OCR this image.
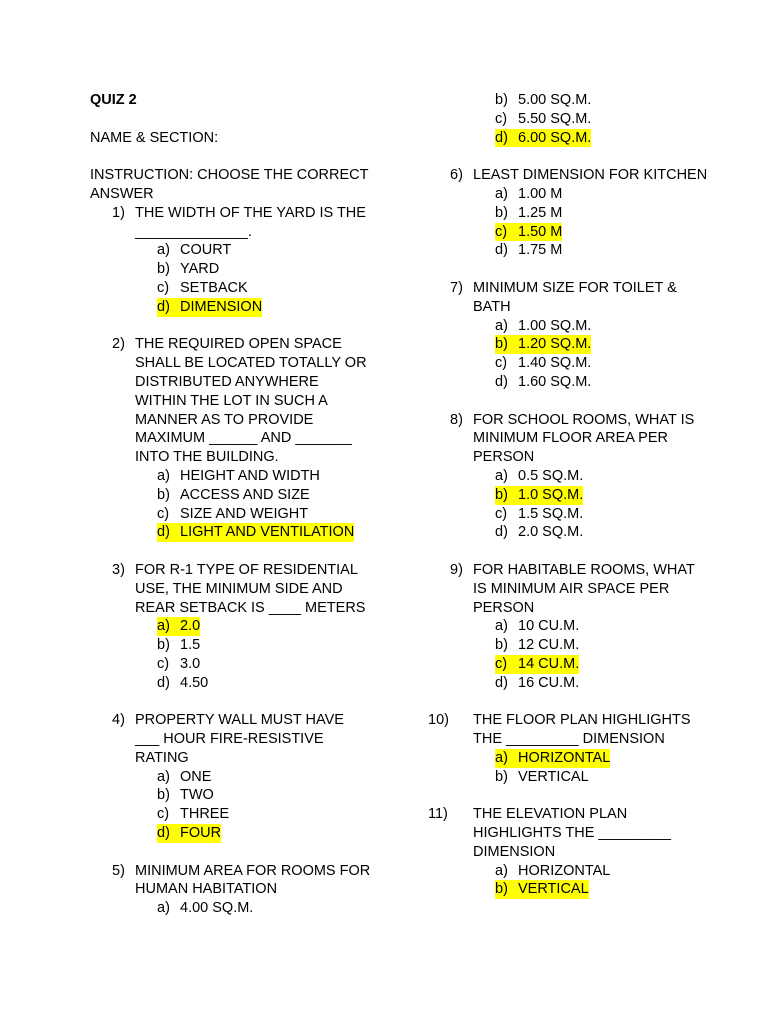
QUIZ 2
NAME & SECTION:
INSTRUCTION: CHOOSE THE CORRECT
ANSWER
1) THE WIDTH OF THE YARD IS THE
______________.
a) COURT
b) YARD
c) SETBACK
d) DIMENSION
2) THE REQUIRED OPEN SPACE
SHALL BE LOCATED TOTALLY OR
DISTRIBUTED ANYWHERE
WITHIN THE LOT IN SUCH A
MANNER AS TO PROVIDE
MAXIMUM ______ AND _______
INTO THE BUILDING.
a) HEIGHT AND WIDTH
b) ACCESS AND SIZE
c) SIZE AND WEIGHT
d) LIGHT AND VENTILATION
3) FOR R-1 TYPE OF RESIDENTIAL
USE, THE MINIMUM SIDE AND
REAR SETBACK IS ____ METERS
a) 2.0
b) 1.5
c) 3.0
d) 4.50
4) PROPERTY WALL MUST HAVE
___ HOUR FIRE-RESISTIVE
RATING
a) ONE
b) TWO
c) THREE
d) FOUR
5) MINIMUM AREA FOR ROOMS FOR
HUMAN HABITATION
a) 4.00 SQ.M.
b) 5.00 SQ.M.
c) 5.50 SQ.M.
d) 6.00 SQ.M.
6) LEAST DIMENSION FOR KITCHEN
a) 1.00 M
b) 1.25 M
c) 1.50 M
d) 1.75 M
7) MINIMUM SIZE FOR TOILET &
BATH
a) 1.00 SQ.M.
b) 1.20 SQ.M.
c) 1.40 SQ.M.
d) 1.60 SQ.M.
8) FOR SCHOOL ROOMS, WHAT IS
MINIMUM FLOOR AREA PER
PERSON
a) 0.5 SQ.M.
b) 1.0 SQ.M.
c) 1.5 SQ.M.
d) 2.0 SQ.M.
9) FOR HABITABLE ROOMS, WHAT
IS MINIMUM AIR SPACE PER
PERSON
a) 10 CU.M.
b) 12 CU.M.
c) 14 CU.M.
d) 16 CU.M.
10) THE FLOOR PLAN HIGHLIGHTS
THE _________ DIMENSION
a) HORIZONTAL
b) VERTICAL
11) THE ELEVATION PLAN
HIGHLIGHTS THE _________
DIMENSION
a) HORIZONTAL
b) VERTICAL
